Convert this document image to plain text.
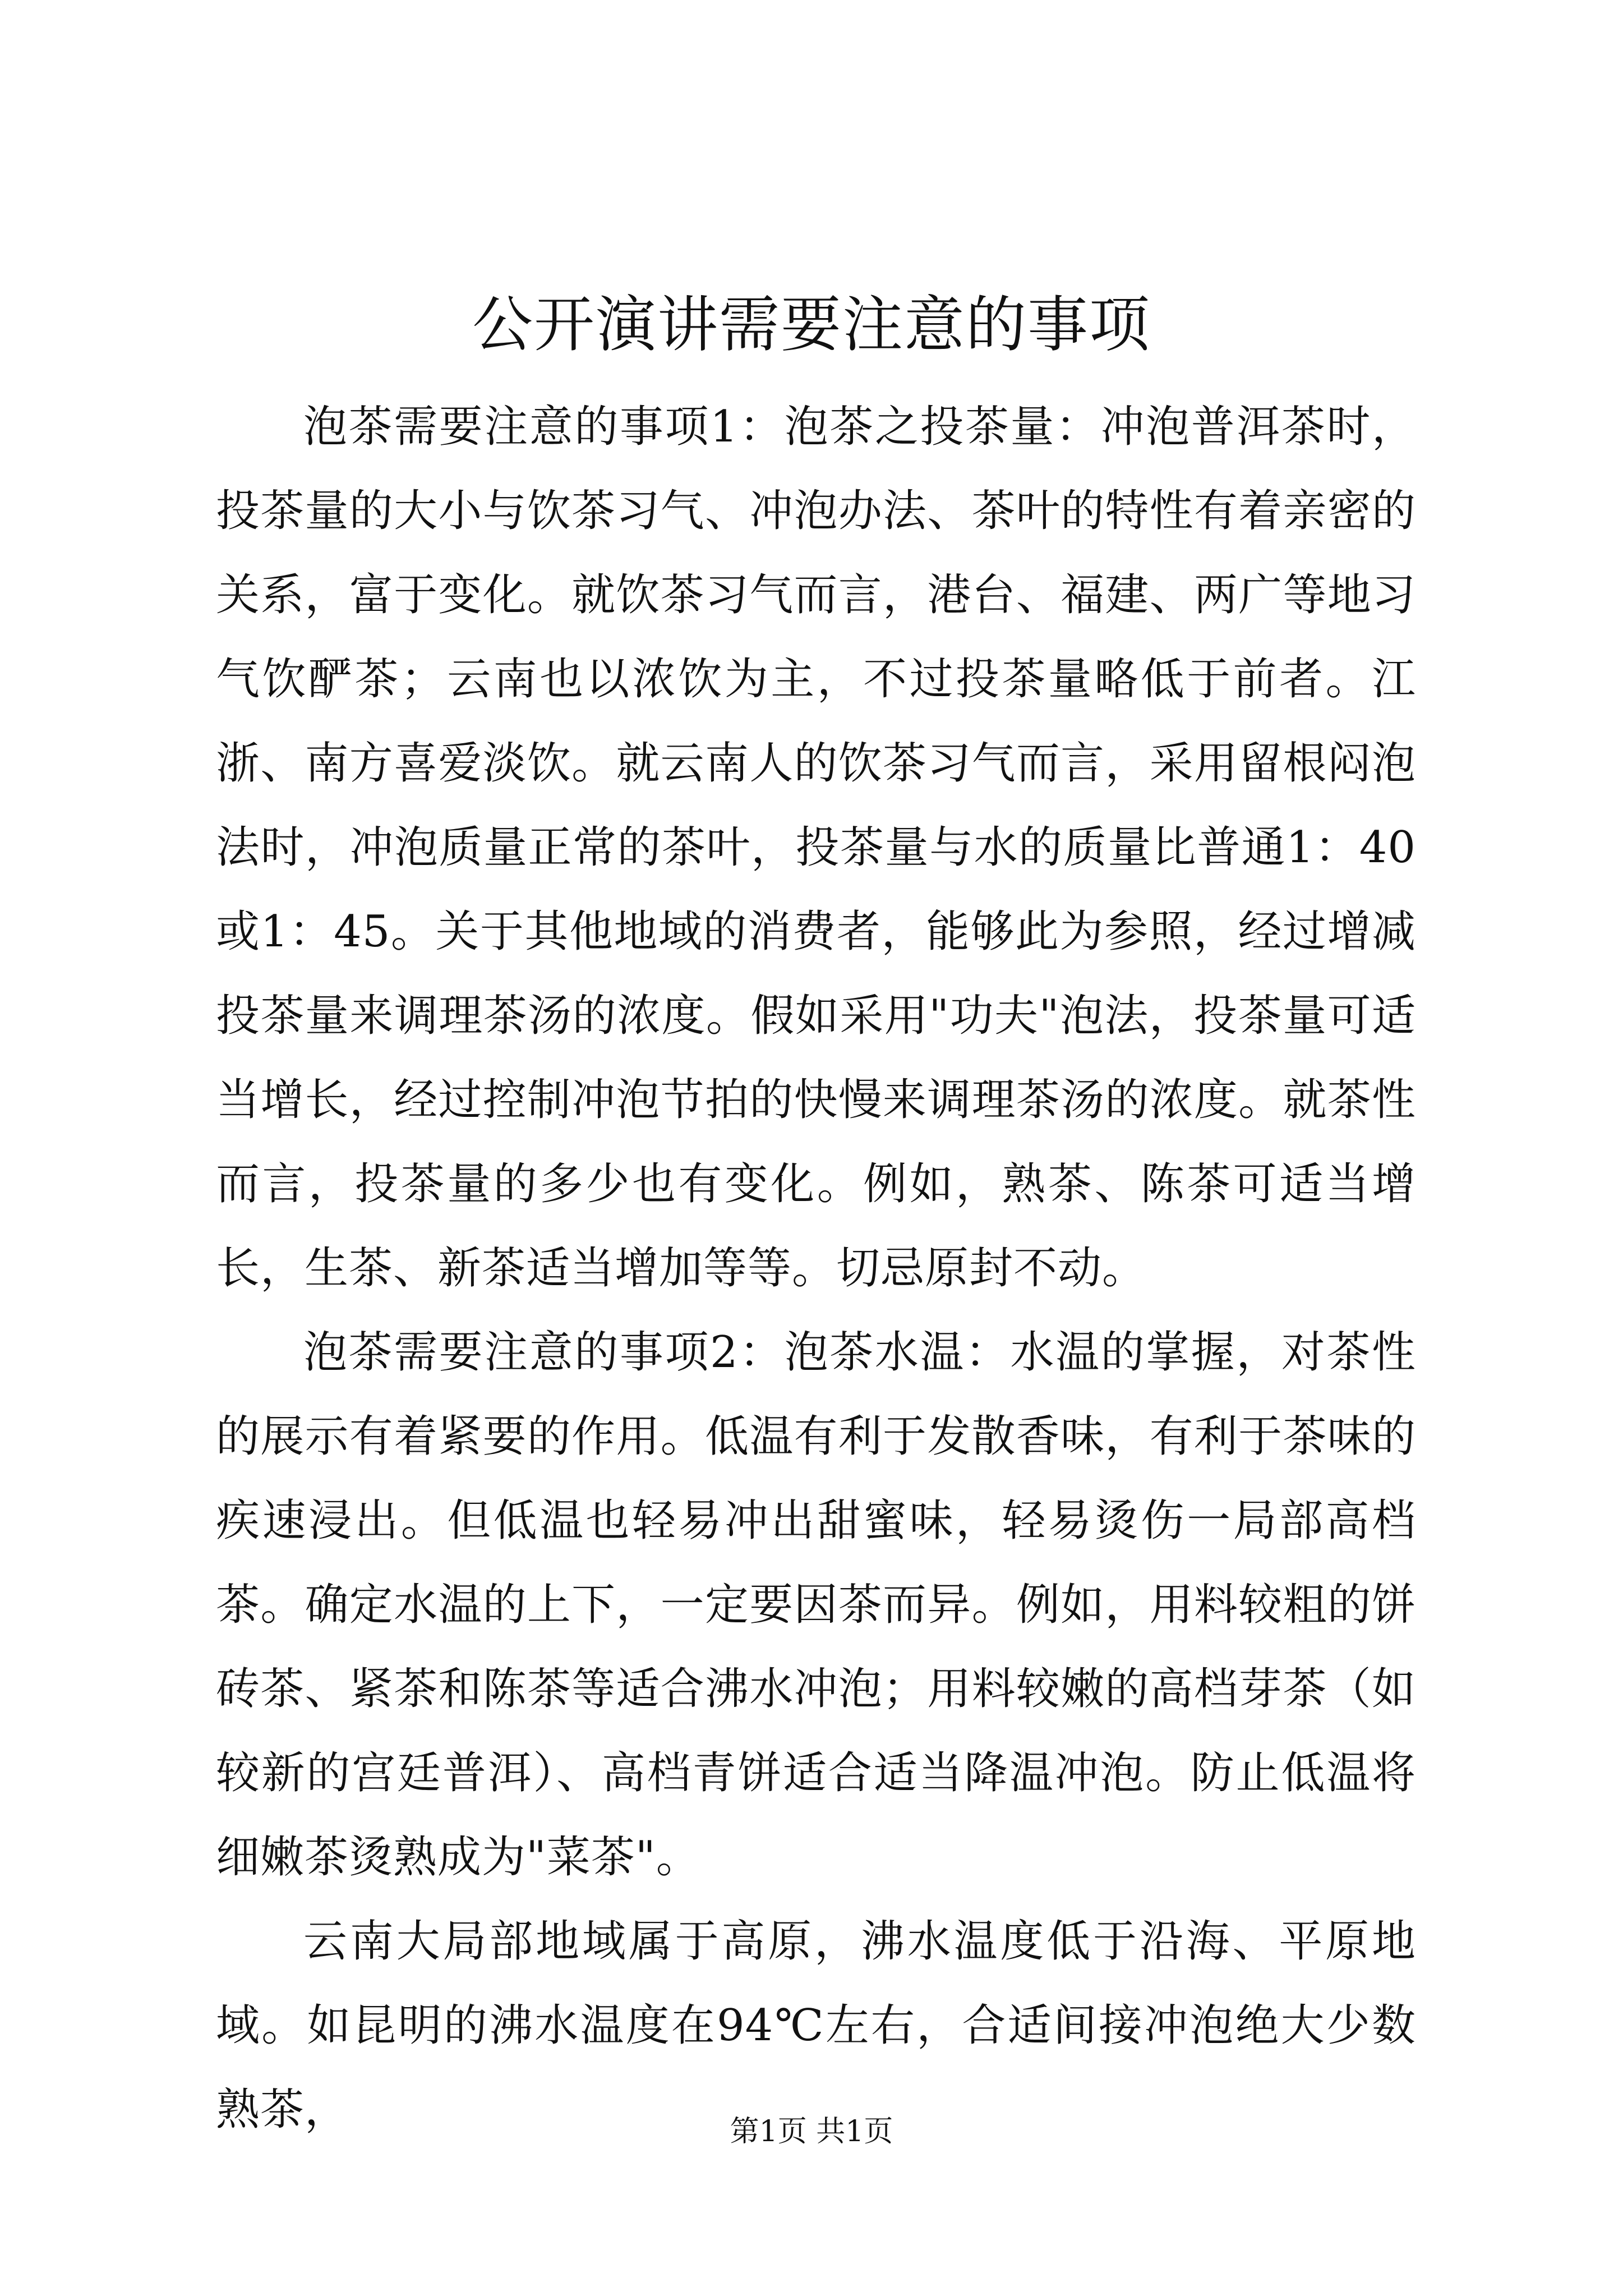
公开演讲需要注意的事项

泡茶需要注意的事项1：泡茶之投茶量：冲泡普洱茶时，投茶量的大小与饮茶习气、冲泡办法、茶叶的特性有着亲密的关系，富于变化。就饮茶习气而言，港台、福建、两广等地习气饮酽茶；云南也以浓饮为主，不过投茶量略低于前者。江浙、南方喜爱淡饮。就云南人的饮茶习气而言，采用留根闷泡法时，冲泡质量正常的茶叶，投茶量与水的质量比普通1：40或1：45。关于其他地域的消费者，能够此为参照，经过增减投茶量来调理茶汤的浓度。假如采用"功夫"泡法，投茶量可适当增长，经过控制冲泡节拍的快慢来调理茶汤的浓度。就茶性而言，投茶量的多少也有变化。例如，熟茶、陈茶可适当增长，生茶、新茶适当增加等等。切忌原封不动。

泡茶需要注意的事项2：泡茶水温：水温的掌握，对茶性的展示有着紧要的作用。低温有利于发散香味，有利于茶味的疾速浸出。但低温也轻易冲出甜蜜味，轻易烫伤一局部高档茶。确定水温的上下，一定要因茶而异。例如，用料较粗的饼砖茶、紧茶和陈茶等适合沸水冲泡；用料较嫩的高档芽茶（如较新的宫廷普洱）、高档青饼适合适当降温冲泡。防止低温将细嫩茶烫熟成为"菜茶"。

云南大局部地域属于高原，沸水温度低于沿海、平原地域。如昆明的沸水温度在94℃左右，合适间接冲泡绝大少数熟茶，	第1页 共1页
